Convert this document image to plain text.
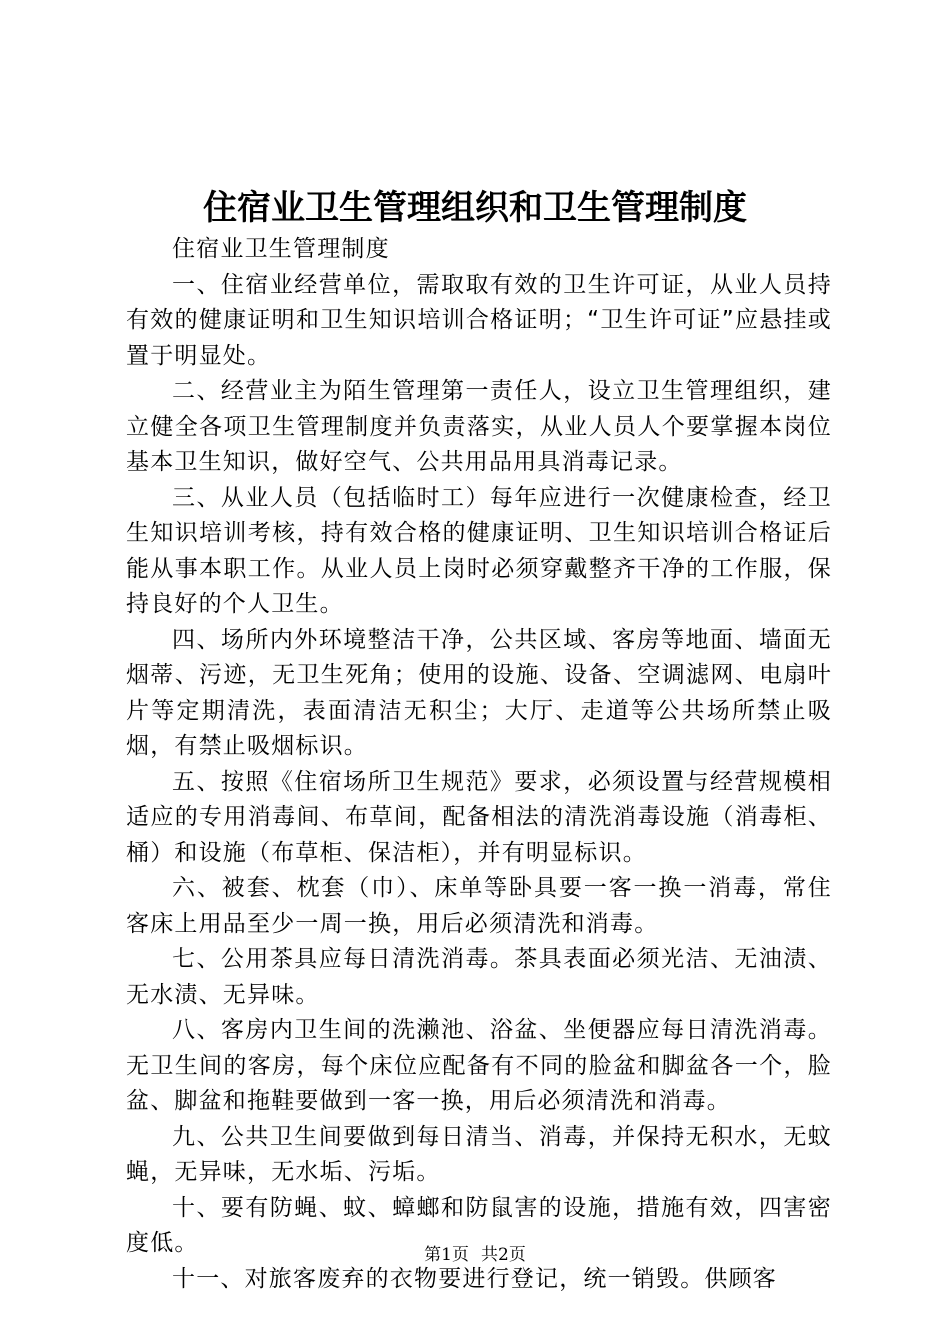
住宿业卫生管理组织和卫生管理制度

住宿业卫生管理制度

一、住宿业经营单位，需取取有效的卫生许可证，从业人员持有效的健康证明和卫生知识培训合格证明；“卫生许可证”应悬挂或置于明显处。

二、经营业主为陌生管理第一责任人，设立卫生管理组织，建立健全各项卫生管理制度并负责落实，从业人员人个要掌握本岗位基本卫生知识，做好空气、公共用品用具消毒记录。

三、从业人员（包括临时工）每年应进行一次健康检查，经卫生知识培训考核，持有效合格的健康证明、卫生知识培训合格证后能从事本职工作。从业人员上岗时必须穿戴整齐干净的工作服，保持良好的个人卫生。

四、场所内外环境整洁干净，公共区域、客房等地面、墙面无烟蒂、污迹，无卫生死角；使用的设施、设备、空调滤网、电扇叶片等定期清洗，表面清洁无积尘；大厅、走道等公共场所禁止吸烟，有禁止吸烟标识。

五、按照《住宿场所卫生规范》要求，必须设置与经营规模相适应的专用消毒间、布草间，配备相法的清洗消毒设施（消毒柜、桶）和设施（布草柜、保洁柜），并有明显标识。

六、被套、枕套（巾）、床单等卧具要一客一换一消毒，常住客床上用品至少一周一换，用后必须清洗和消毒。

七、公用茶具应每日清洗消毒。茶具表面必须光洁、无油渍、无水渍、无异味。

八、客房内卫生间的洗濑池、浴盆、坐便器应每日清洗消毒。无卫生间的客房，每个床位应配备有不同的脸盆和脚盆各一个，脸盆、脚盆和拖鞋要做到一客一换，用后必须清洗和消毒。

九、公共卫生间要做到每日清当、消毒，并保持无积水，无蚊蝇，无异味，无水垢、污垢。

十、要有防蝇、蚊、蟑螂和防鼠害的设施，措施有效，四害密度低。

十一、对旅客废弃的衣物要进行登记，统一销毁。供顾客

第1页 共2页
